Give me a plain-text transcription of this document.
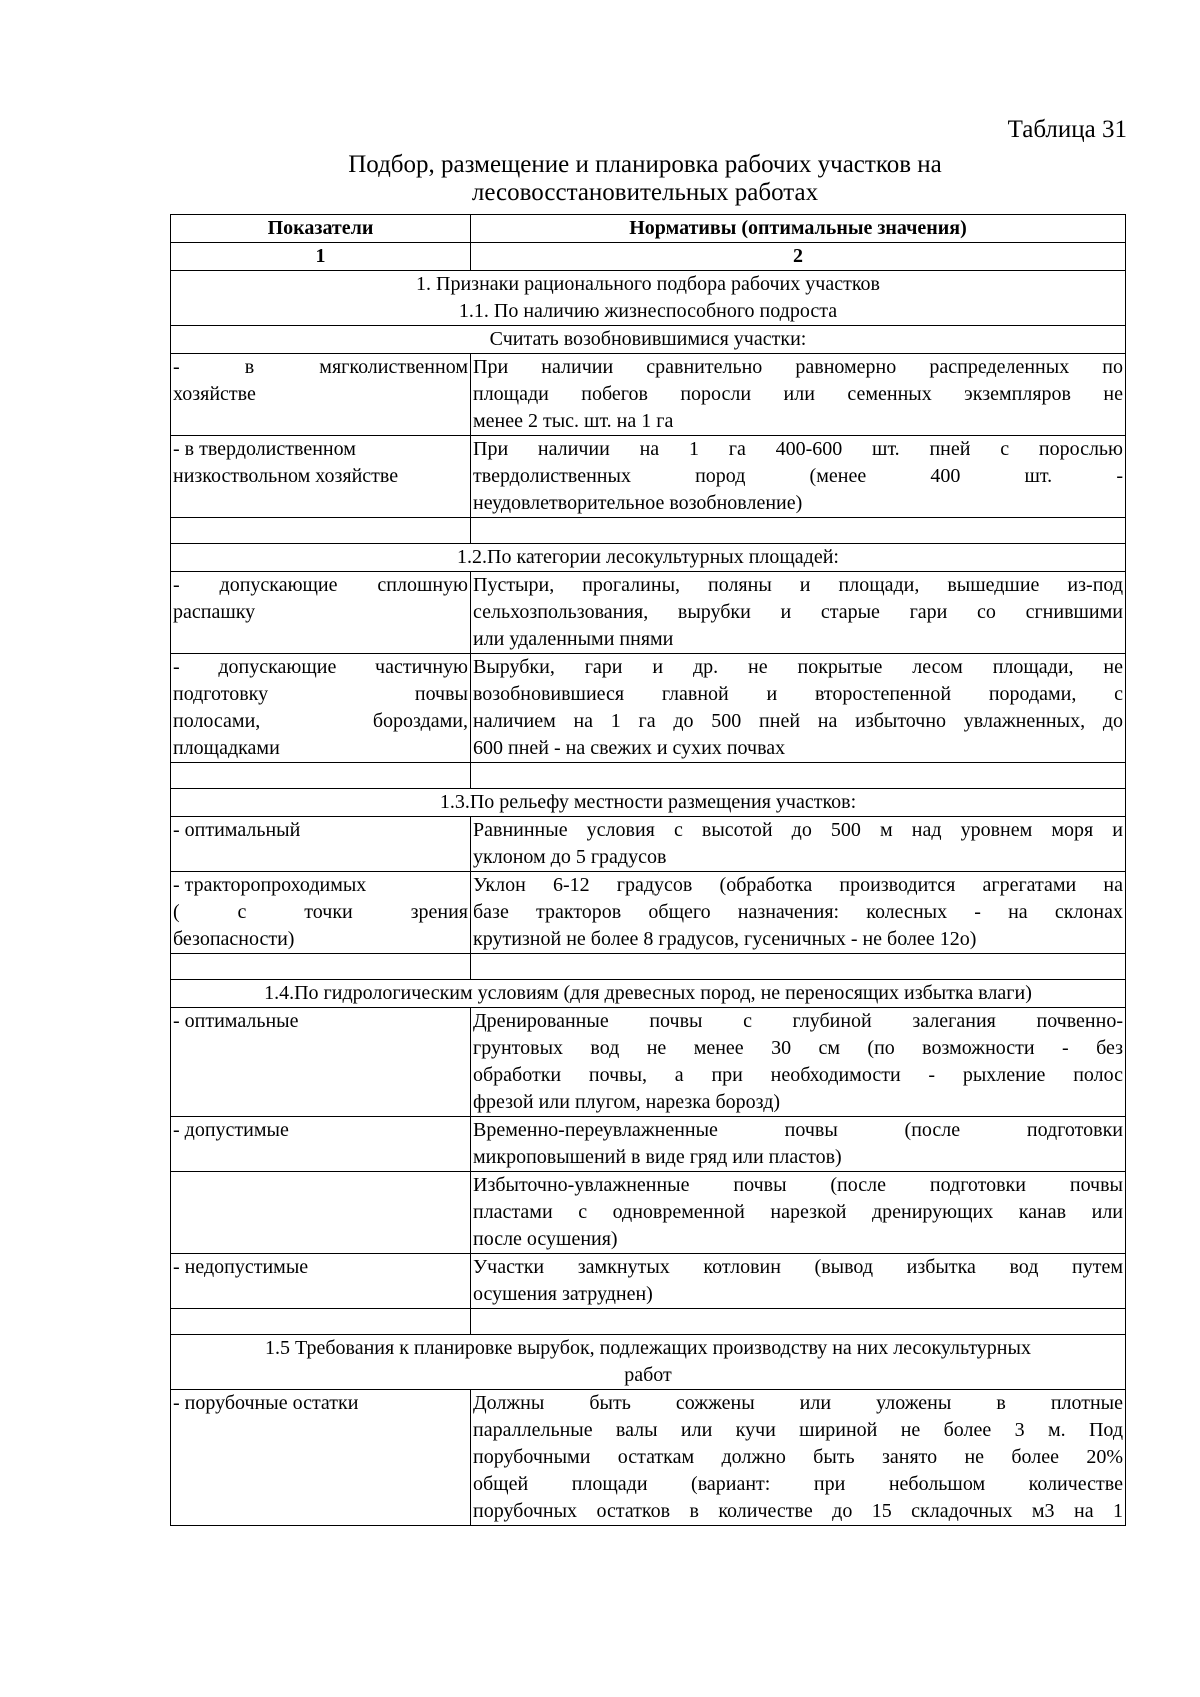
Таблица 31
Подбор, размещение и планировка рабочих участков на
лесовосстановительных работах
Показатели	Нормативы (оптимальные значения)
1	2

1. Признаки рационального подбора рабочих участков
1.1. По наличию жизнеспособного подроста	

Считать возобновившимися участки:	

- в мягколиственном
хозяйстве	При наличии сравнительно равномерно распределенных по
площади побегов поросли или семенных экземпляров не
менее 2 тыс. шт. на 1 га

- в твердолиственном
низкоствольном хозяйстве	При наличии на 1 га 400-600 шт. пней с порослью
твердолиственных пород (менее 400 шт. -
неудовлетворительное возобновление)

1.2.По категории лесокультурных площадей:	

- допускающие сплошную
распашку	Пустыри, прогалины, поляны и площади, вышедшие из-под
сельхозпользования, вырубки и старые гари со сгнившими
или удаленными пнями

- допускающие частичную
подготовку почвы
полосами, бороздами,
площадками	Вырубки, гари и др. не покрытые лесом площади, не
возобновившиеся главной и второстепенной породами, с
наличием на 1 га до 500 пней на избыточно увлажненных, до
600 пней - на свежих и сухих почвах

1.3.По рельефу местности размещения участков:	

- оптимальный	Равнинные условия с высотой до 500 м над уровнем моря и
уклоном до 5 градусов

- тракторопроходимых
( с точки зрения
безопасности)	Уклон 6-12 градусов (обработка производится агрегатами на
базе тракторов общего назначения: колесных - на склонах
крутизной не более 8 градусов, гусеничных - не более 12о)

1.4.По гидрологическим условиям (для древесных пород, не переносящих избытка влаги)	

- оптимальные	Дренированные почвы с глубиной залегания почвенно-
грунтовых вод не менее 30 см (по возможности - без
обработки почвы, а при необходимости - рыхление полос
фрезой или плугом, нарезка борозд)

- допустимые	Временно-переувлажненные почвы (после подготовки
микроповышений в виде гряд или пластов)

	Избыточно-увлажненные почвы (после подготовки почвы
пластами с одновременной нарезкой дренирующих канав или
после осушения)

- недопустимые	Участки замкнутых котловин (вывод избытка вод путем
осушения затруднен)

1.5 Требования к планировке вырубок, подлежащих производству на них лесокультурных
работ	

- порубочные остатки	Должны быть сожжены или уложены в плотные
параллельные валы или кучи шириной не более 3 м. Под
порубочными остаткам должно быть занято не более 20%
общей площади (вариант: при небольшом количестве
порубочных остатков в количестве до 15 складочных м3 на 1
